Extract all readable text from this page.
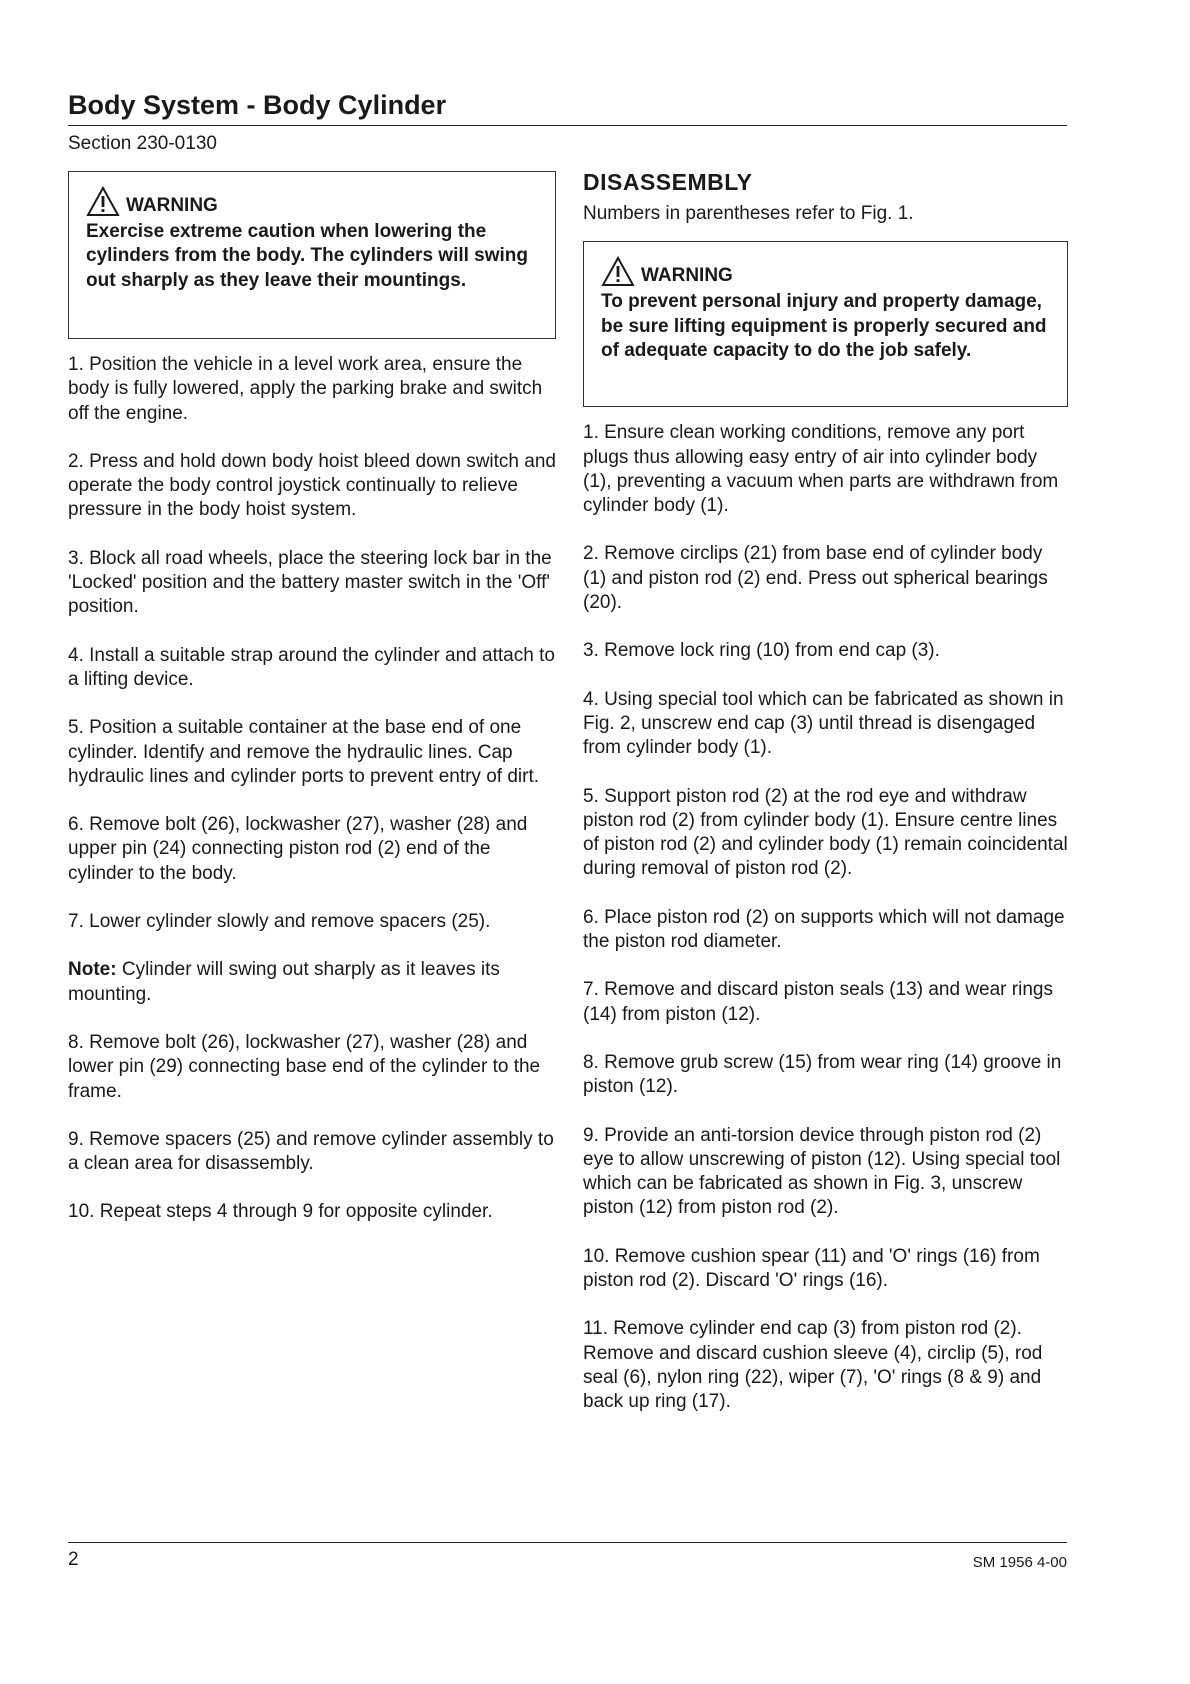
Body System - Body Cylinder
Section 230-0130
WARNING
Exercise extreme caution when lowering the cylinders from the body. The cylinders will swing out sharply as they leave their mountings.

1. Position the vehicle in a level work area, ensure the body is fully lowered, apply the parking brake and switch off the engine.

2. Press and hold down body hoist bleed down switch and operate the body control joystick continually to relieve pressure in the body hoist system.

3. Block all road wheels, place the steering lock bar in the 'Locked' position and the battery master switch in the 'Off' position.

4. Install a suitable strap around the cylinder and attach to a lifting device.

5. Position a suitable container at the base end of one cylinder. Identify and remove the hydraulic lines. Cap hydraulic lines and cylinder ports to prevent entry of dirt.

6. Remove bolt (26), lockwasher (27), washer (28) and upper pin (24) connecting piston rod (2) end of the cylinder to the body.

7. Lower cylinder slowly and remove spacers (25).

Note: Cylinder will swing out sharply as it leaves its mounting.

8. Remove bolt (26), lockwasher (27), washer (28) and lower pin (29) connecting base end of the cylinder to the frame.

9. Remove spacers (25) and remove cylinder assembly to a clean area for disassembly.

10. Repeat steps 4 through 9 for opposite cylinder.

DISASSEMBLY

Numbers in parentheses refer to Fig. 1.

WARNING
To prevent personal injury and property damage, be sure lifting equipment is properly secured and of adequate capacity to do the job safely.

1. Ensure clean working conditions, remove any port plugs thus allowing easy entry of air into cylinder body (1), preventing a vacuum when parts are withdrawn from cylinder body (1).

2. Remove circlips (21) from base end of cylinder body (1) and piston rod (2) end. Press out spherical bearings (20).

3. Remove lock ring (10) from end cap (3).

4. Using special tool which can be fabricated as shown in Fig. 2, unscrew end cap (3) until thread is disengaged from cylinder body (1).

5. Support piston rod (2) at the rod eye and withdraw piston rod (2) from cylinder body (1). Ensure centre lines of piston rod (2) and cylinder body (1) remain coincidental during removal of piston rod (2).

6. Place piston rod (2) on supports which will not damage the piston rod diameter.

7. Remove and discard piston seals (13) and wear rings (14) from piston (12).

8. Remove grub screw (15) from wear ring (14) groove in piston (12).

9. Provide an anti-torsion device through piston rod (2) eye to allow unscrewing of piston (12). Using special tool which can be fabricated as shown in Fig. 3, unscrew piston (12) from piston rod (2).

10. Remove cushion spear (11) and 'O' rings (16) from piston rod (2). Discard 'O' rings (16).

11. Remove cylinder end cap (3) from piston rod (2). Remove and discard cushion sleeve (4), circlip (5), rod seal (6), nylon ring (22), wiper (7), 'O' rings (8 & 9) and back up ring (17).

2	SM 1956 4-00
